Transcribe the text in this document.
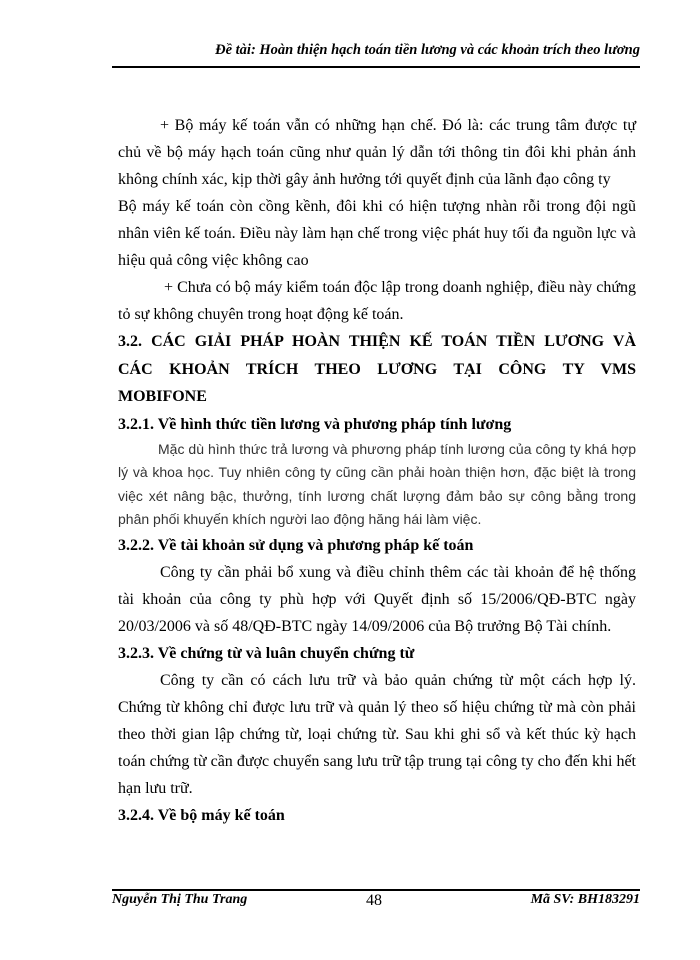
Đề tài: Hoàn thiện hạch toán tiền lương và các khoản trích theo lương

+ Bộ máy kế toán vẫn có những hạn chế. Đó là: các trung tâm được tự chủ về bộ máy hạch toán cũng như quản lý dẫn tới thông tin đôi khi phản ánh không chính xác, kịp thời gây ảnh hưởng tới quyết định của lãnh đạo công ty

Bộ máy kế toán còn cồng kềnh, đôi khi có hiện tượng nhàn rỗi trong đội ngũ nhân viên kế toán. Điều này làm hạn chế trong việc phát huy tối đa nguồn lực và hiệu quả công việc không cao

+ Chưa có bộ máy kiểm toán độc lập trong doanh nghiệp, điều này chứng tỏ sự không chuyên trong hoạt động kế toán.

3.2. CÁC GIẢI PHÁP HOÀN THIỆN KẾ TOÁN TIỀN LƯƠNG VÀ
CÁC KHOẢN TRÍCH THEO LƯƠNG TẠI CÔNG TY VMS
MOBIFONE
3.2.1. Về hình thức tiền lương và phương pháp tính lương

Mặc dù hình thức trả lương và phương pháp tính lương của công ty khá hợp lý và khoa học. Tuy nhiên công ty cũng cần phải hoàn thiện hơn, đặc biệt là trong việc xét nâng bậc, thưởng, tính lương chất lượng đảm bảo sự công bằng trong phân phối khuyến khích người lao động hăng hái làm việc.

3.2.2. Về tài khoản sử dụng và phương pháp kế toán

Công ty cần phải bổ xung và điều chỉnh thêm các tài khoản để hệ thống tài khoản của công ty phù hợp với Quyết định số 15/2006/QĐ-BTC ngày 20/03/2006 và số 48/QĐ-BTC ngày 14/09/2006 của Bộ trưởng Bộ Tài chính.

3.2.3. Về chứng từ và luân chuyển chứng từ

Công ty cần có cách lưu trữ và bảo quản chứng từ một cách hợp lý. Chứng từ không chỉ được lưu trữ và quản lý theo số hiệu chứng từ mà còn phải theo thời gian lập chứng từ, loại chứng từ. Sau khi ghi sổ và kết thúc kỳ hạch toán chứng từ cần được chuyển sang lưu trữ tập trung tại công ty cho đến khi hết hạn lưu trữ.

3.2.4. Về bộ máy kế toán
Nguyễn Thị Thu Trang	48	Mã SV: BH183291
